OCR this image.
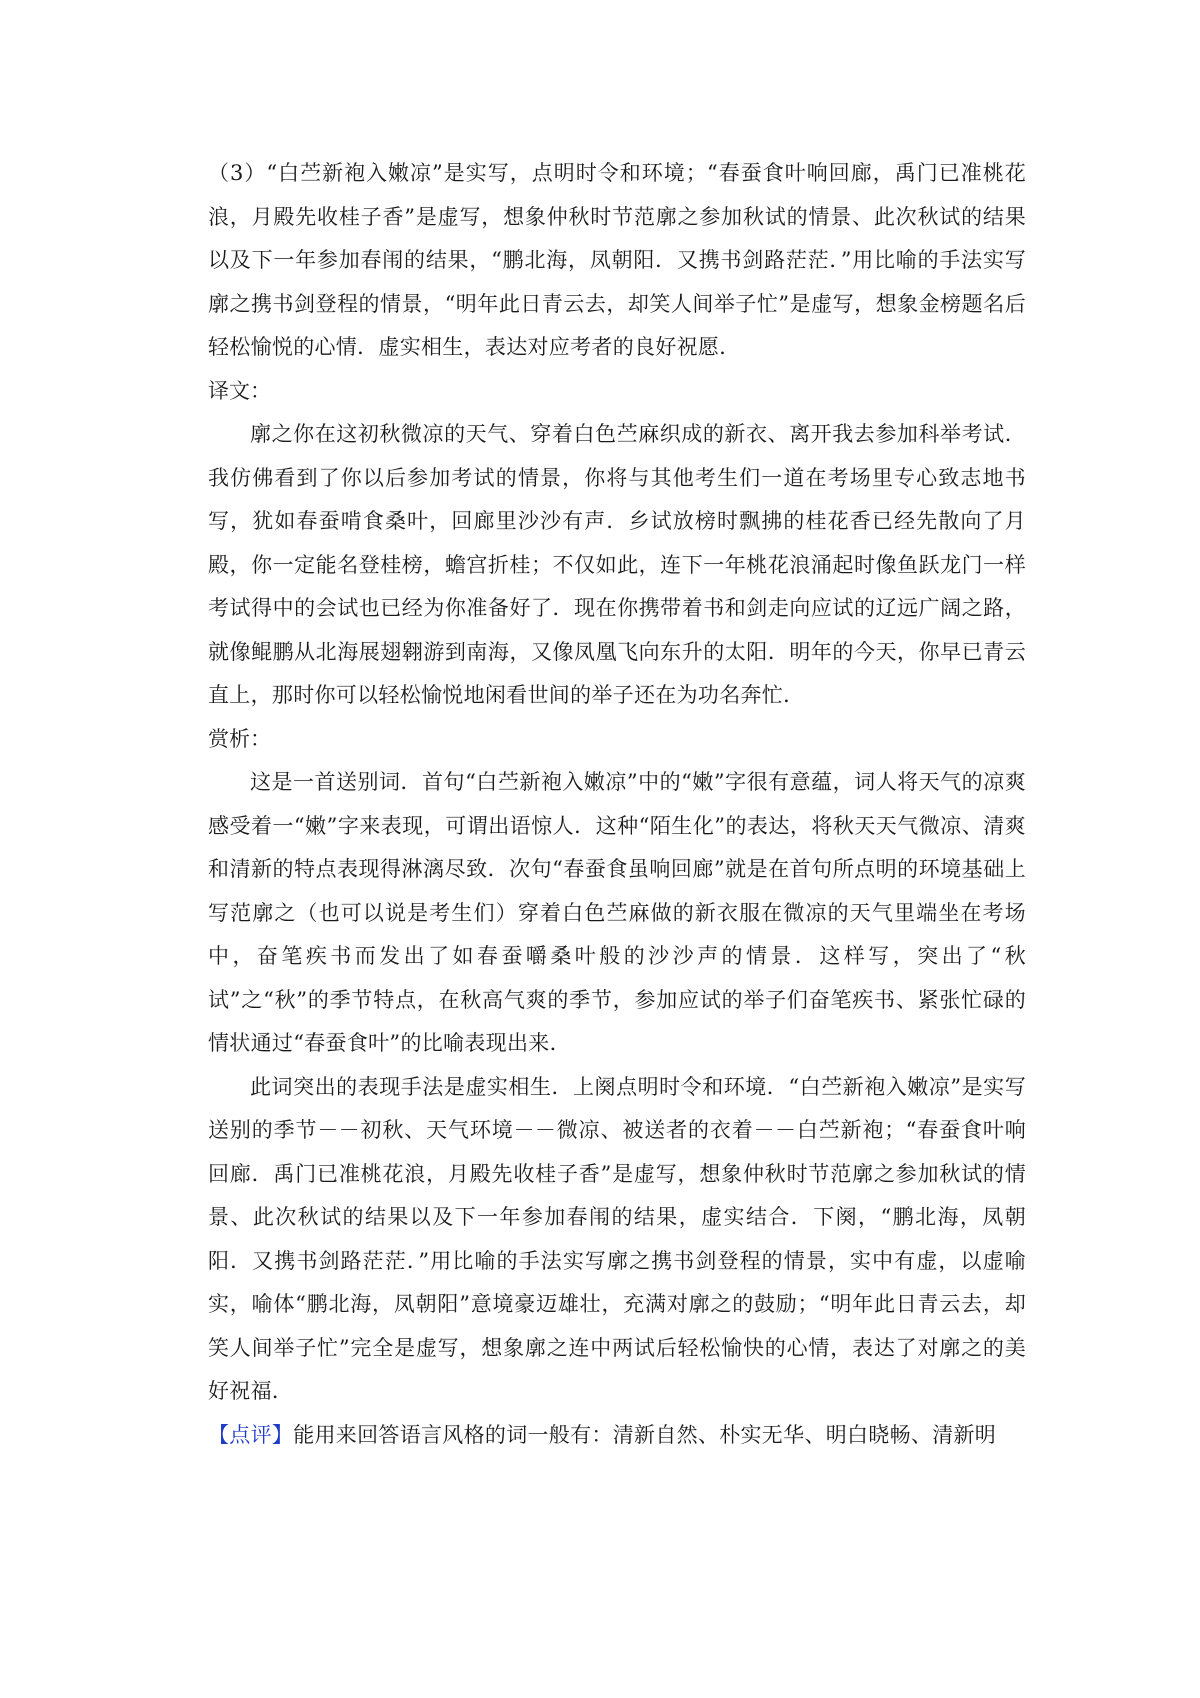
（3）“白苎新袍入嫩凉”是实写，点明时令和环境；“春蚕食叶响回廊，禹门已准桃花浪，月殿先收桂子香”是虚写，想象仲秋时节范廓之参加秋试的情景、此次秋试的结果以及下一年参加春闱的结果，“鹏北海，凤朝阳．又携书剑路茫茫．”用比喻的手法实写廓之携书剑登程的情景，“明年此日青云去，却笑人间举子忙”是虚写，想象金榜题名后轻松愉悦的心情．虚实相生，表达对应考者的良好祝愿．

译文：

廓之你在这初秋微凉的天气、穿着白色苎麻织成的新衣、离开我去参加科举考试．我仿佛看到了你以后参加考试的情景，你将与其他考生们一道在考场里专心致志地书写，犹如春蚕啃食桑叶，回廊里沙沙有声．乡试放榜时飘拂的桂花香已经先散向了月殿，你一定能名登桂榜，蟾宫折桂；不仅如此，连下一年桃花浪涌起时像鱼跃龙门一样考试得中的会试也已经为你准备好了．现在你携带着书和剑走向应试的辽远广阔之路，就像鲲鹏从北海展翅翱游到南海，又像凤凰飞向东升的太阳．明年的今天，你早已青云直上，那时你可以轻松愉悦地闲看世间的举子还在为功名奔忙．

赏析：

这是一首送别词．首句“白苎新袍入嫩凉”中的“嫩”字很有意蕴，词人将天气的凉爽感受着一“嫩”字来表现，可谓出语惊人．这种“陌生化”的表达，将秋天天气微凉、清爽和清新的特点表现得淋漓尽致．次句“春蚕食虽响回廊”就是在首句所点明的环境基础上写范廓之（也可以说是考生们）穿着白色苎麻做的新衣服在微凉的天气里端坐在考场中，奋笔疾书而发出了如春蚕嚼桑叶般的沙沙声的情景．这样写，突出了“秋试”之“秋”的季节特点，在秋高气爽的季节，参加应试的举子们奋笔疾书、紧张忙碌的情状通过“春蚕食叶”的比喻表现出来．

此词突出的表现手法是虚实相生．上阕点明时令和环境．“白苎新袍入嫩凉”是实写送别的季节－－初秋、天气环境－－微凉、被送者的衣着－－白苎新袍；“春蚕食叶响回廊．禹门已准桃花浪，月殿先收桂子香”是虚写，想象仲秋时节范廓之参加秋试的情景、此次秋试的结果以及下一年参加春闱的结果，虚实结合．下阕，“鹏北海，凤朝阳．又携书剑路茫茫．”用比喻的手法实写廓之携书剑登程的情景，实中有虚，以虚喻实，喻体“鹏北海，凤朝阳”意境豪迈雄壮，充满对廓之的鼓励；“明年此日青云去，却笑人间举子忙”完全是虚写，想象廓之连中两试后轻松愉快的心情，表达了对廓之的美好祝福．

【点评】能用来回答语言风格的词一般有：清新自然、朴实无华、明白晓畅、清新明
